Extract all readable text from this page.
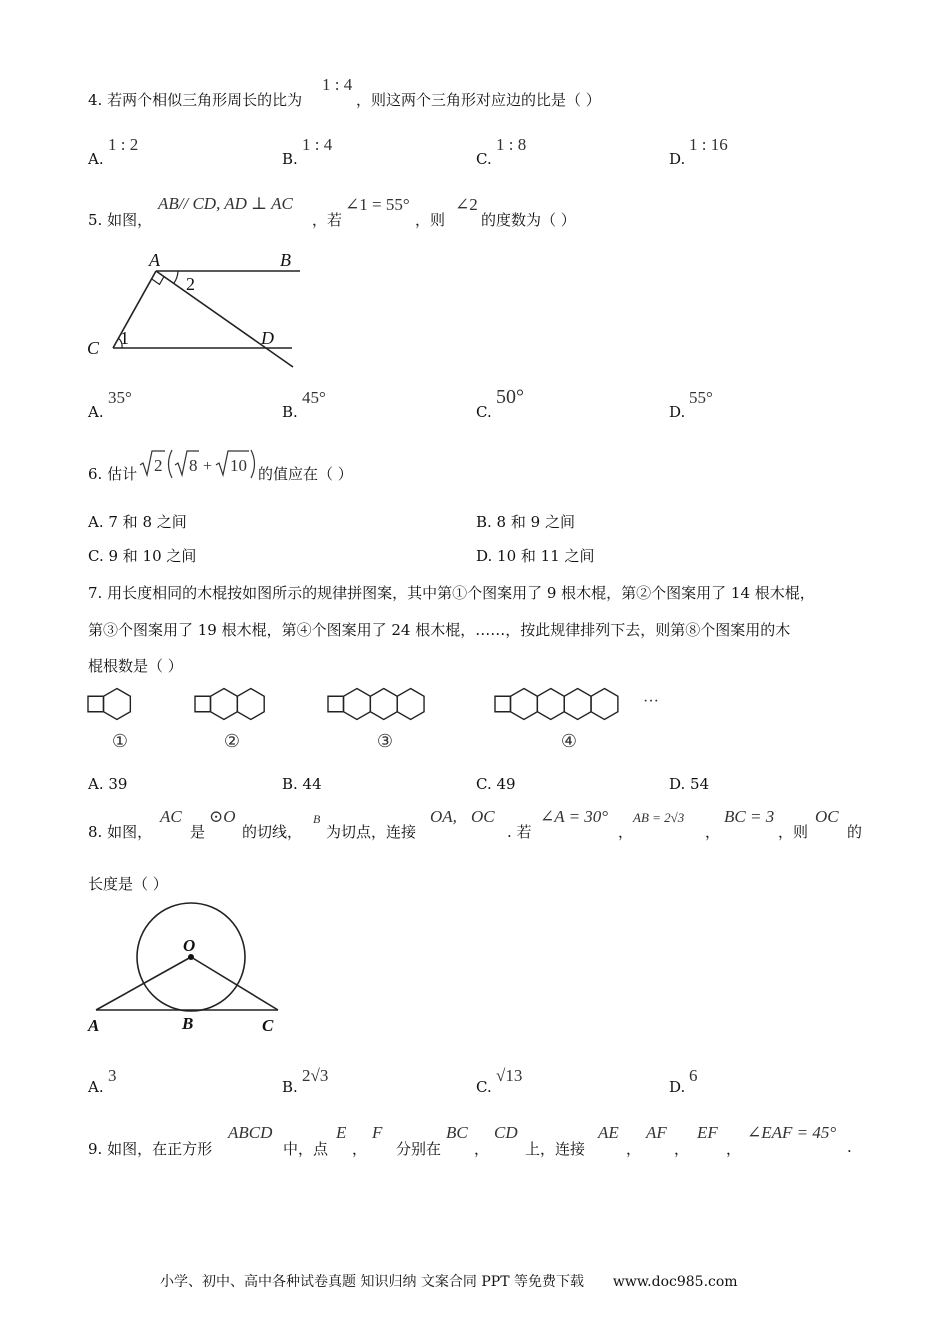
4. 若两个相似三角形周长的比为
1 : 4
，则这两个三角形对应边的比是（ ）
A.
1 : 2
B.
1 : 4
C.
1 : 8
D.
1 : 16
5. 如图，
AB// CD, AD ⊥ AC
，若
∠1 = 55°
，则
∠2
的度数为（ ）
A	B
C	D
1
2
A.
35°
B.
45°
C.
50°
D.
55°
6. 估计 2 8 + 10 的值应在（ ）
A. 7 和 8 之间	B. 8 和 9 之间
C. 9 和 10 之间	D. 10 和 11 之间
7. 用长度相同的木棍按如图所示的规律拼图案，其中第①个图案用了 9 根木棍，第②个图案用了 14 根木棍，
第③个图案用了 19 根木棍，第④个图案用了 24 根木棍，……，按此规律排列下去，则第⑧个图案用的木
棍根数是（ ）
①	②	③	④
···
A. 39	B. 44	C. 49	D. 54
8. 如图，
AC
是
⊙O
的切线，
B
为切点，连接
OA, OC
. 若
∠A = 30°
，
AB = 2√3
，
BC = 3
，则
OC
的
长度是（ ）
O
A	B	C
A.
3
B.
2√3
C.
√13
D.
6
9. 如图，在正方形
ABCD
中，点
E
，
F
分别在
BC
，
CD
上，连接
AE
，
AF
，
EF
，
∠EAF = 45°
.
小学、初中、高中各种试卷真题 知识归纳 文案合同 PPT 等免费下载 www.doc985.com
